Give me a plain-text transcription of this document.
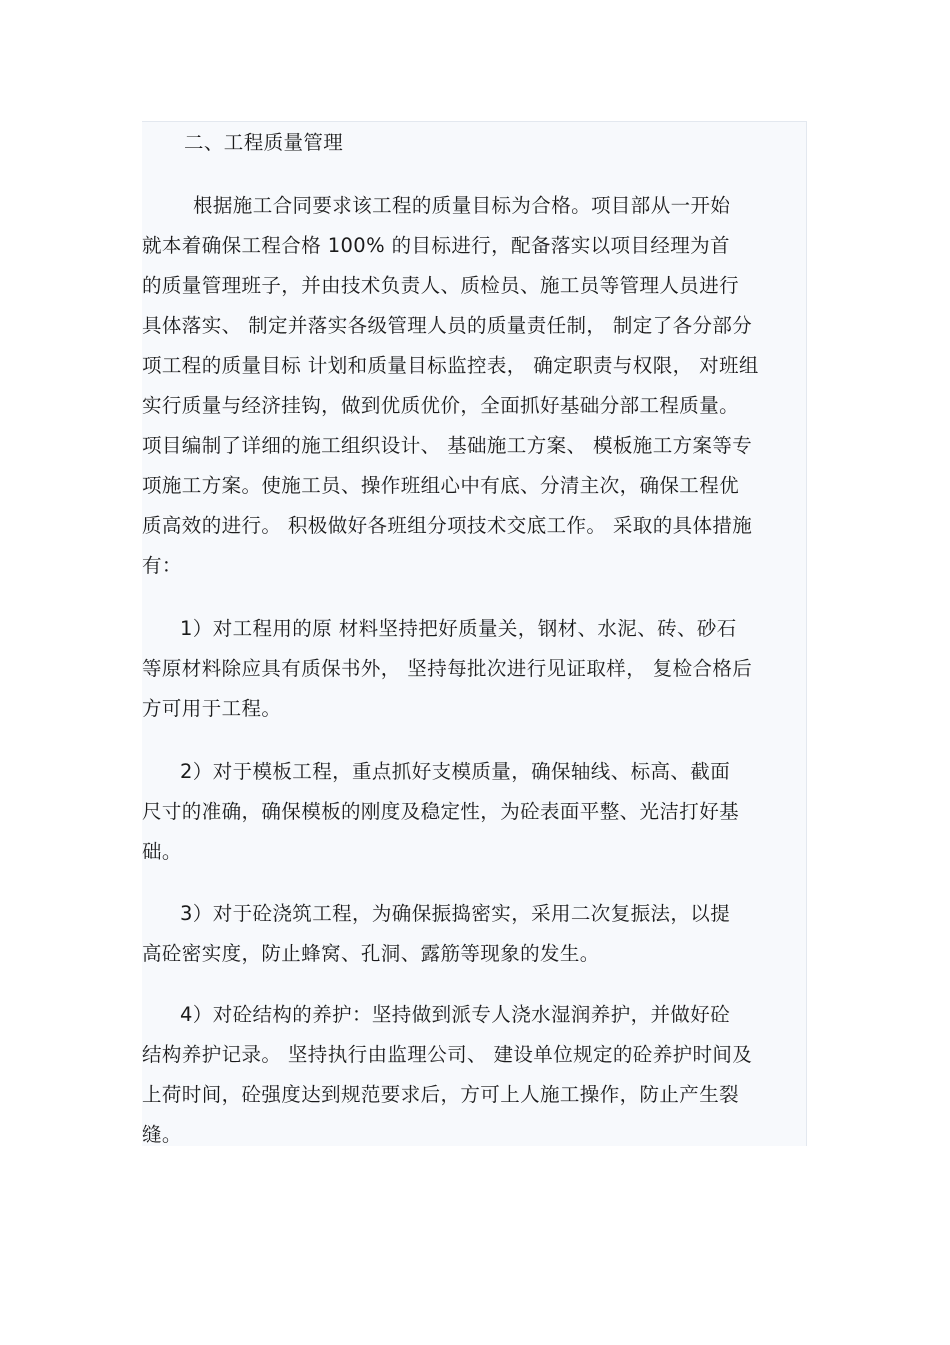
二、工程质量管理

根据施工合同要求该工程的质量目标为合格。项目部从一开始

就本着确保工程合格 100% 的目标进行，配备落实以项目经理为首

的质量管理班子，并由技术负责人、质检员、施工员等管理人员进行

具体落实、 制定并落实各级管理人员的质量责任制， 制定了各分部分

项工程的质量目标 计划和质量目标监控表， 确定职责与权限， 对班组

实行质量与经济挂钩，做到优质优价，全面抓好基础分部工程质量。

项目编制了详细的施工组织设计、 基础施工方案、 模板施工方案等专

项施工方案。使施工员、操作班组心中有底、分清主次，确保工程优

质高效的进行。 积极做好各班组分项技术交底工作。 采取的具体措施

有：

1）对工程用的原 材料坚持把好质量关，钢材、水泥、砖、砂石

等原材料除应具有质保书外， 坚持每批次进行见证取样， 复检合格后

方可用于工程。

2）对于模板工程，重点抓好支模质量，确保轴线、标高、截面

尺寸的准确，确保模板的刚度及稳定性，为砼表面平整、光洁打好基

础。

3）对于砼浇筑工程，为确保振捣密实，采用二次复振法，以提

高砼密实度，防止蜂窝、孔洞、露筋等现象的发生。

4）对砼结构的养护：坚持做到派专人浇水湿润养护，并做好砼

结构养护记录。 坚持执行由监理公司、 建设单位规定的砼养护时间及

上荷时间，砼强度达到规范要求后，方可上人施工操作，防止产生裂

缝。
